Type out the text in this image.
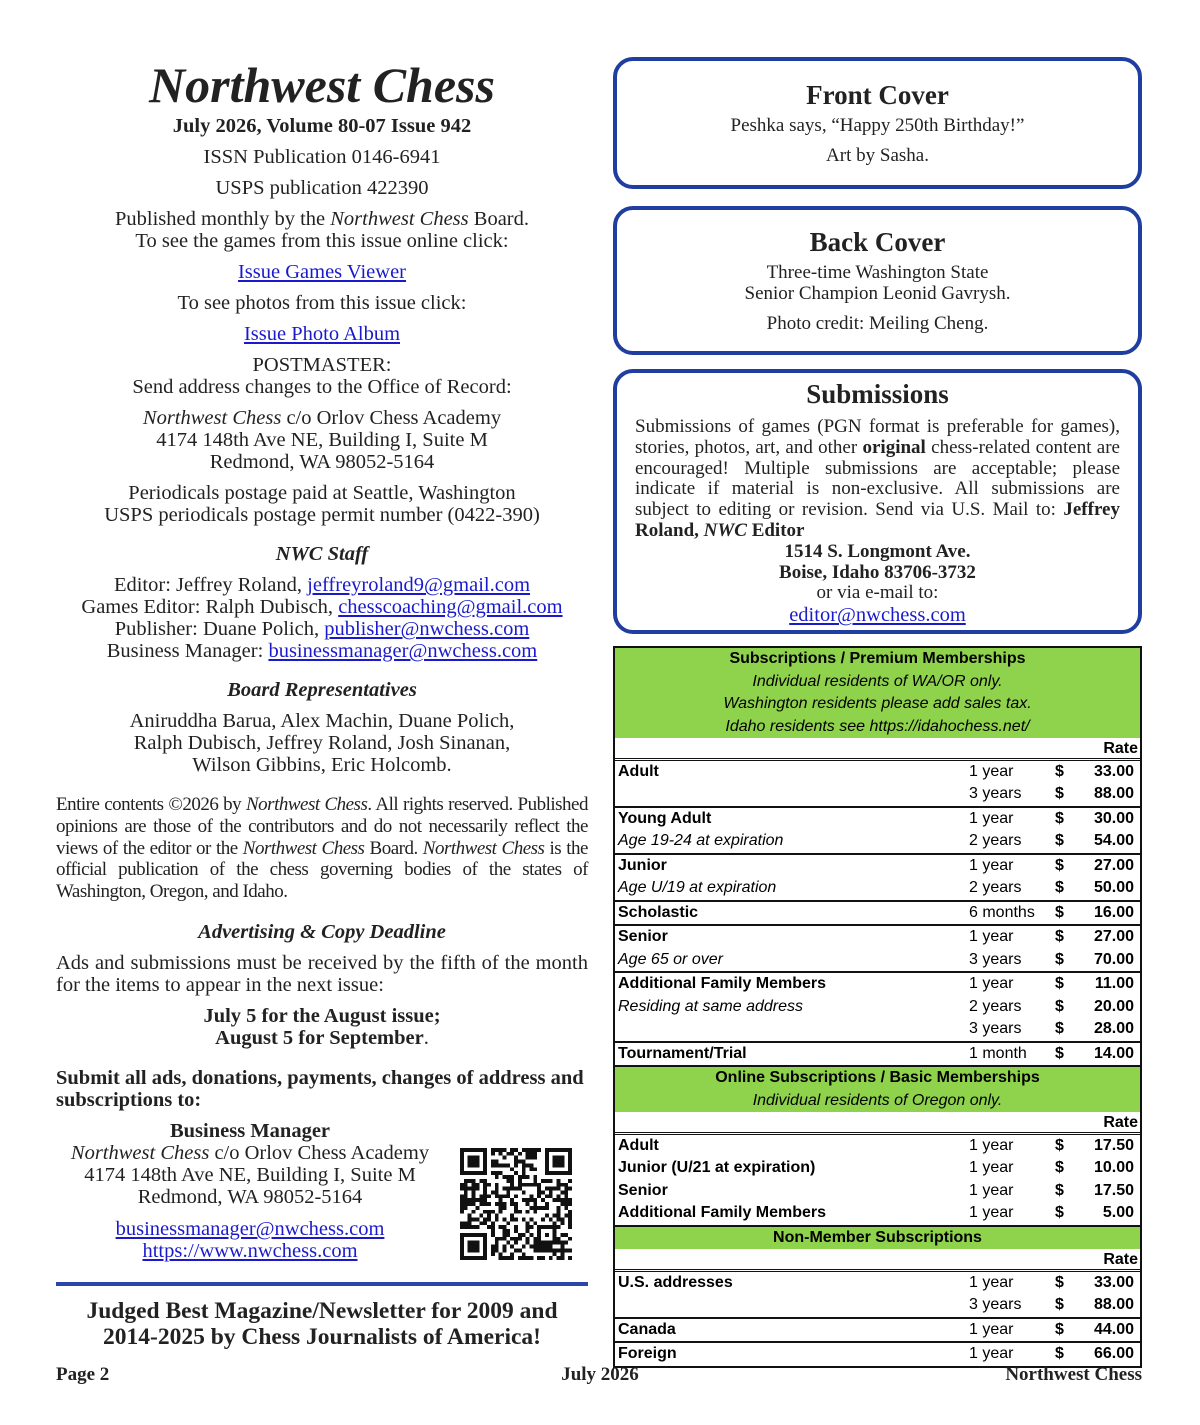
Northwest Chess
July 2026, Volume 80-07 Issue 942
ISSN Publication 0146-6941
USPS publication 422390
Published monthly by the Northwest Chess Board.
To see the games from this issue online click:
Issue Games Viewer
To see photos from this issue click:
Issue Photo Album
POSTMASTER:
Send address changes to the Office of Record:
Northwest Chess c/o Orlov Chess Academy
4174 148th Ave NE, Building I, Suite M
Redmond, WA 98052-5164
Periodicals postage paid at Seattle, Washington
USPS periodicals postage permit number (0422-390)
NWC Staff
Editor: Jeffrey Roland, jeffreyroland9@gmail.com
Games Editor: Ralph Dubisch, chesscoaching@gmail.com
Publisher: Duane Polich, publisher@nwchess.com
Business Manager: businessmanager@nwchess.com
Board Representatives
Aniruddha Barua, Alex Machin, Duane Polich,
Ralph Dubisch, Jeffrey Roland, Josh Sinanan,
Wilson Gibbins, Eric Holcomb.
Entire contents ©2026 by Northwest Chess. All rights reserved. Published opinions are those of the contributors and do not necessarily reflect the views of the editor or the Northwest Chess Board. Northwest Chess is the official publication of the chess governing bodies of the states of Washington, Oregon, and Idaho.
Advertising & Copy Deadline
Ads and submissions must be received by the fifth of the month for the items to appear in the next issue:
July 5 for the August issue;
August 5 for September.
Submit all ads, donations, payments, changes of address and subscriptions to:
Business Manager
Northwest Chess c/o Orlov Chess Academy
4174 148th Ave NE, Building I, Suite M
Redmond, WA 98052-5164
businessmanager@nwchess.com
https://www.nwchess.com
Judged Best Magazine/Newsletter for 2009 and
2014-2025 by Chess Journalists of America!
Front Cover
Peshka says, “Happy 250th Birthday!”
Art by Sasha.
Back Cover
Three-time Washington State
Senior Champion Leonid Gavrysh.
Photo credit: Meiling Cheng.
Submissions
Submissions of games (PGN format is preferable for games), stories, photos, art, and other original chess-related content are encouraged! Multiple submissions are acceptable; please indicate if material is non-exclusive. All submissions are subject to editing or revision. Send via U.S. Mail to: Jeffrey Roland, NWC Editor
1514 S. Longmont Ave.
Boise, Idaho 83706-3732
or via e-mail to:
editor@nwchess.com
Subscriptions / Premium Memberships
Individual residents of WA/OR only.
Washington residents please add sales tax.
Idaho residents see https://idahochess.net/
Rate
Adult	1 year	$ 33.00
3 years $ 88.00
Young Adult	1 year	$ 30.00
Age 19-24 at expiration	2 years $ 54.00
Junior	1 year	$ 27.00
Age U/19 at expiration	2 years $ 50.00
Scholastic	6 months $ 16.00
Senior	1 year	$ 27.00
Age 65 or over	3 years $ 70.00
Additional Family Members	1 year	$ 11.00
Residing at same address	2 years $ 20.00
3 years $ 28.00
Tournament/Trial	1 month $ 14.00
Online Subscriptions / Basic Memberships
Individual residents of Oregon only.
Rate
Adult	1 year	$ 17.50
Junior (U/21 at expiration)	1 year	$ 10.00
Senior	1 year	$ 17.50
Additional Family Members	1 year	$ 5.00
Non-Member Subscriptions
Rate
U.S. addresses	1 year	$ 33.00
3 years $ 88.00
Canada	1 year	$ 44.00
Foreign	1 year	$ 66.00
Page 2	July 2026	Northwest Chess
